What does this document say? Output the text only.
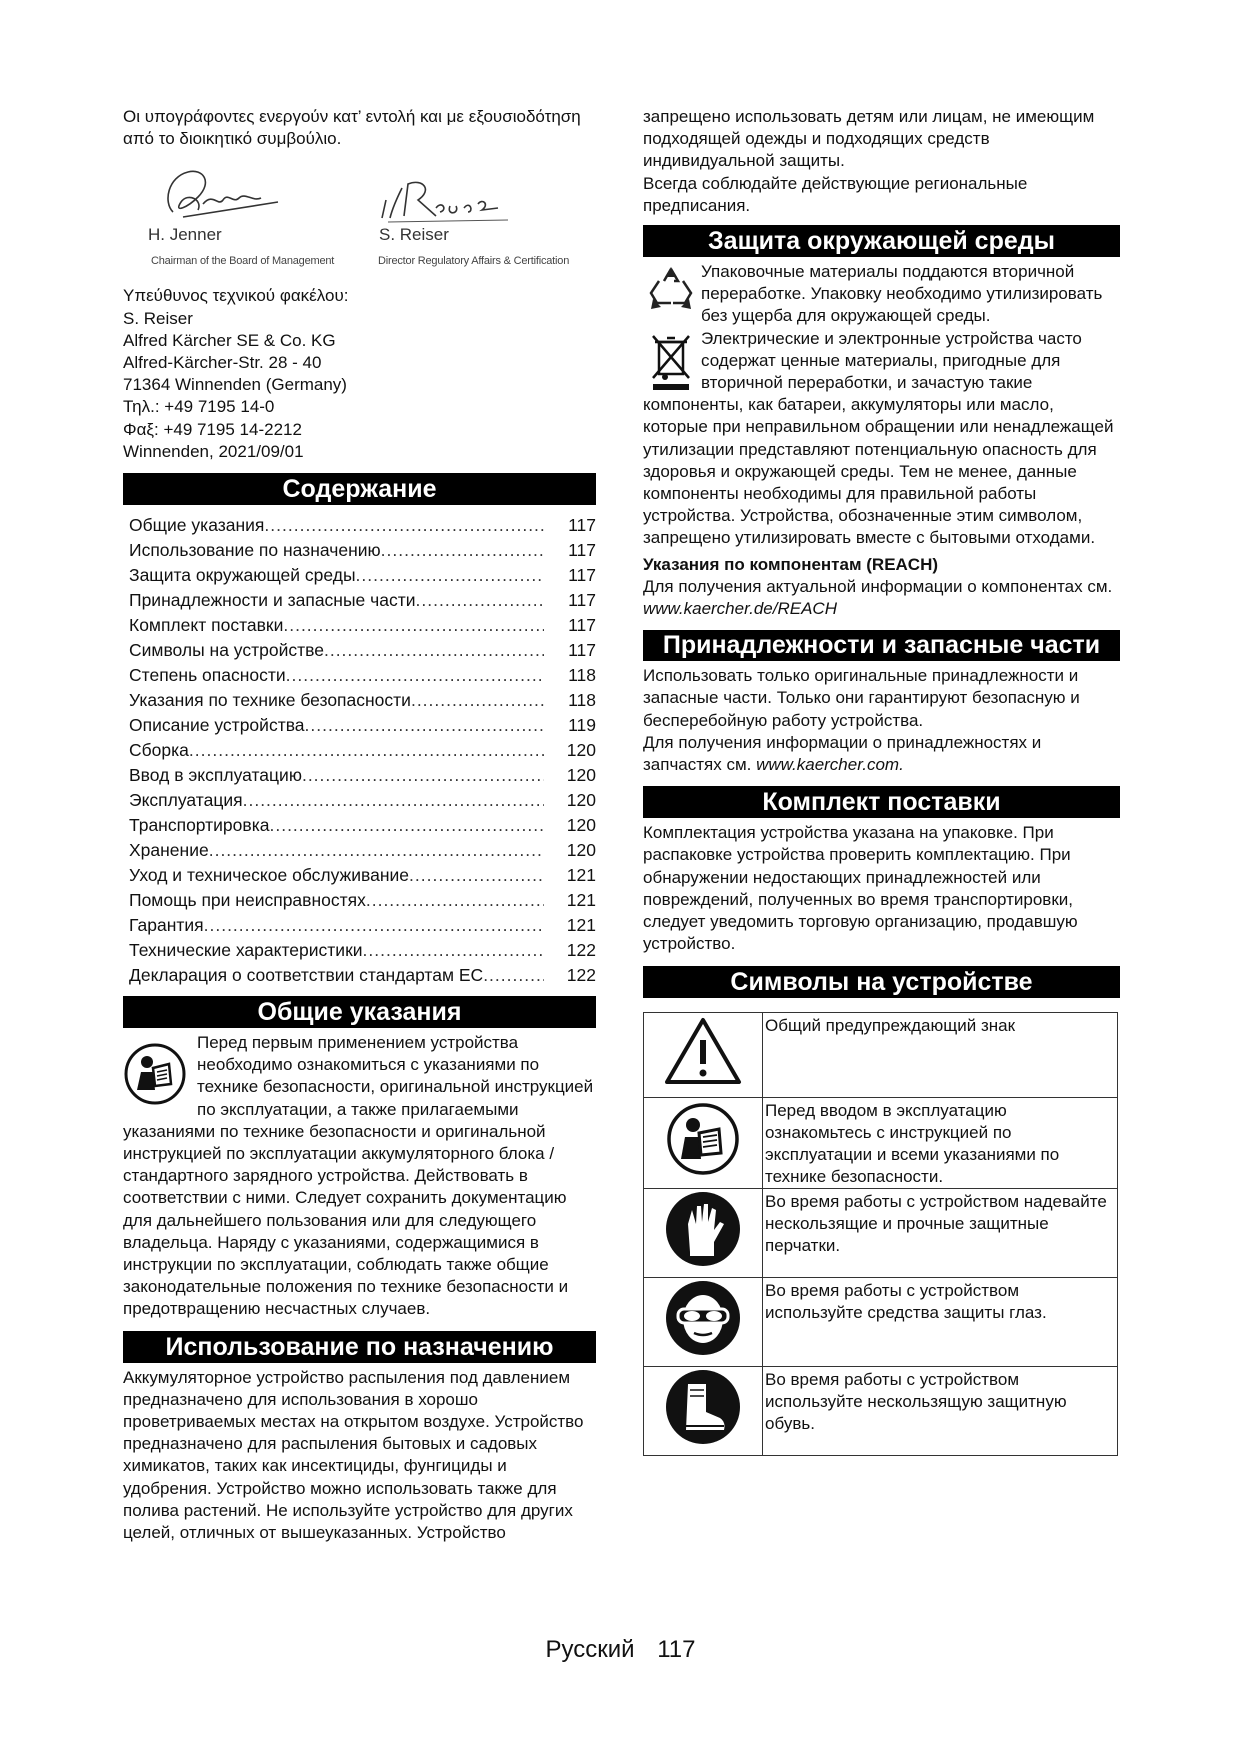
Οι υπογράφοντες ενεργούν κατ’ εντολή και με εξουσιοδότηση από το διοικητικό συμβούλιο.

H. Jenner
Chairman of the Board of Management
S. Reiser
Director Regulatory Affairs & Certification

Υπεύθυνος τεχνικού φακέλου:

S. Reiser

Alfred Kärcher SE & Co. KG

Alfred-Kärcher-Str. 28 - 40

71364 Winnenden (Germany)

Τηλ.: +49 7195 14-0

Φαξ: +49 7195 14-2212

Winnenden, 2021/09/01

Содержание
Общие указания .....	117
Использование по назначению .....	117
Защита окружающей среды .....	117
Принадлежности и запасные части .....	117
Комплект поставки .....	117
Символы на устройстве .....	117
Степень опасности .....	118
Указания по технике безопасности .....	118
Описание устройства .....	119
Сборка .....	120
Ввод в эксплуатацию .....	120
Эксплуатация .....	120
Транспортировка .....	120
Хранение .....	120
Уход и техническое обслуживание .....	121
Помощь при неисправностях .....	121
Гарантия .....	121
Технические характеристики .....	122
Декларация о соответствии стандартам ЕС .....	122
Общие указания

Перед первым применением устройства необходимо ознакомиться с указаниями по технике безопасности, оригинальной инструкцией по эксплуатации, а также прилагаемыми указаниями по технике безопасности и оригинальной инструкцией по эксплуатации аккумуляторного блока / стандартного зарядного устройства. Действовать в соответствии с ними. Следует сохранить документацию для дальнейшего пользования или для следующего владельца. Наряду с указаниями, содержащимися в инструкции по эксплуатации, соблюдать также общие законодательные положения по технике безопасности и предотвращению несчастных случаев.

Использование по назначению

Аккумуляторное устройство распыления под давлением предназначено для использования в хорошо проветриваемых местах на открытом воздухе. Устройство предназначено для распыления бытовых и садовых химикатов, таких как инсектициды, фунгициды и удобрения. Устройство можно использовать также для полива растений. Не используйте устройство для других целей, отличных от вышеуказанных. Устройство

запрещено использовать детям или лицам, не имеющим подходящей одежды и подходящих средств индивидуальной защиты.

Всегда соблюдайте действующие региональные предписания.

Защита окружающей среды

Упаковочные материалы поддаются вторичной переработке. Упаковку необходимо утилизировать без ущерба для окружающей среды.

Электрические и электронные устройства часто содержат ценные материалы, пригодные для вторичной переработки, и зачастую такие компоненты, как батареи, аккумуляторы или масло, которые при неправильном обращении или ненадлежащей утилизации представляют потенциальную опасность для здоровья и окружающей среды. Тем не менее, данные компоненты необходимы для правильной работы устройства. Устройства, обозначенные этим символом, запрещено утилизировать вместе с бытовыми отходами.

Указания по компонентам (REACH)

Для получения актуальной информации о компонентах см. www.kaercher.de/REACH

Принадлежности и запасные части

Использовать только оригинальные принадлежности и запасные части. Только они гарантируют безопасную и бесперебойную работу устройства.

Для получения информации о принадлежностях и запчастях см. www.kaercher.com.

Комплект поставки

Комплектация устройства указана на упаковке. При распаковке устройства проверить комплектацию. При обнаружении недостающих принадлежностей или повреждений, полученных во время транспортировки, следует уведомить торговую организацию, продавшую устройство.

Символы на устройстве
	Общий предупреждающий знак
	Перед вводом в эксплуатацию ознакомьтесь с инструкцией по эксплуатации и всеми указаниями по технике безопасности.
	Во время работы с устройством надевайте нескользящие и прочные защитные перчатки.
	Во время работы с устройством используйте средства защиты глаз.
	Во время работы с устройством используйте нескользящую защитную обувь.
Русский 117
